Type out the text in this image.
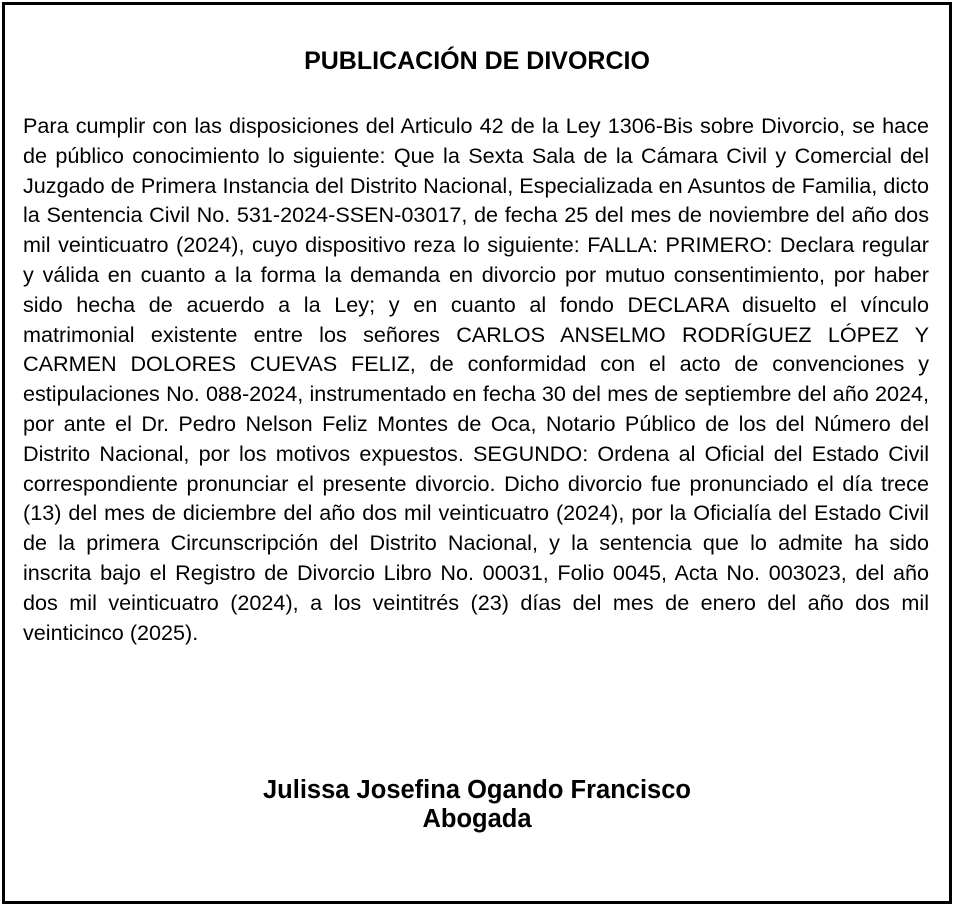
PUBLICACIÓN DE DIVORCIO

Para cumplir con las disposiciones del Articulo 42 de la Ley 1306-Bis sobre Divorcio, se hace de público conocimiento lo siguiente: Que la Sexta Sala de la Cámara Civil y Comercial del Juzgado de Primera Instancia del Distrito Nacional, Especializada en Asuntos de Familia, dicto la Sentencia Civil No. 531-2024-SSEN-03017, de fecha 25 del mes de noviembre del año dos mil veinticuatro (2024), cuyo dispositivo reza lo siguiente: FALLA: PRIMERO: Declara regular y válida en cuanto a la forma la demanda en divorcio por mutuo consentimiento, por haber sido hecha de acuerdo a la Ley; y en cuanto al fondo DECLARA disuelto el vínculo matrimonial existente entre los señores CARLOS ANSELMO RODRÍGUEZ LÓPEZ Y CARMEN DOLORES CUEVAS FELIZ, de conformidad con el acto de convenciones y estipulaciones No. 088-2024, instrumentado en fecha 30 del mes de septiembre del año 2024, por ante el Dr. Pedro Nelson Feliz Montes de Oca, Notario Público de los del Número del Distrito Nacional, por los motivos expuestos. SEGUNDO: Ordena al Oficial del Estado Civil correspondiente pronunciar el presente divorcio. Dicho divorcio fue pronunciado el día trece (13) del mes de diciembre del año dos mil veinticuatro (2024), por la Oficialía del Estado Civil de la primera Circunscripción del Distrito Nacional, y la sentencia que lo admite ha sido inscrita bajo el Registro de Divorcio Libro No. 00031, Folio 0045, Acta No. 003023, del año dos mil veinticuatro (2024), a los veintitrés (23) días del mes de enero del año dos mil veinticinco (2025).

Julissa Josefina Ogando Francisco
Abogada
